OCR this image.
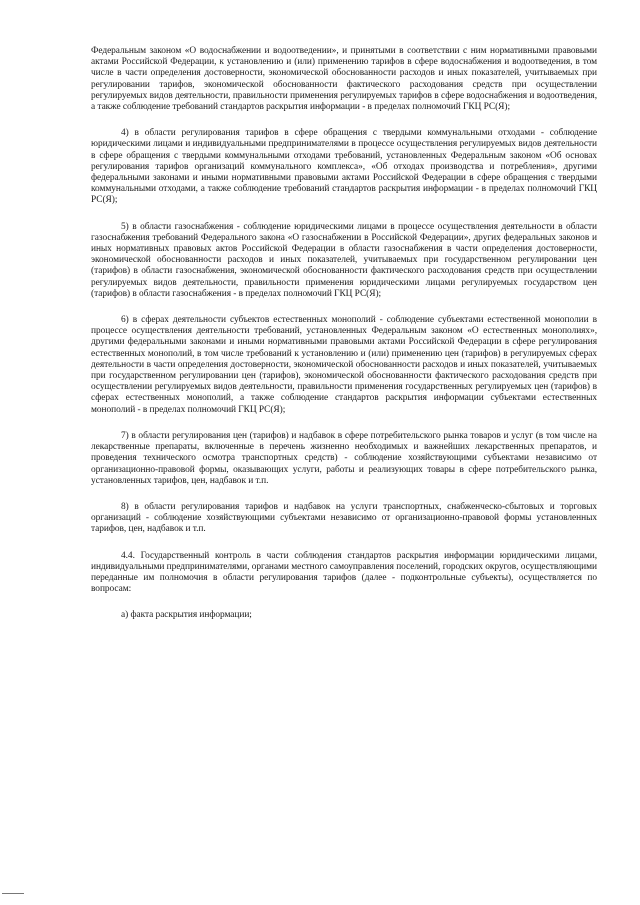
Федеральным законом «О водоснабжении и водоотведении», и принятыми в соответствии с ним нормативными правовыми актами Российской Федерации, к установлению и (или) применению тарифов в сфере водоснабжения и водоотведения, в том числе в части определения достоверности, экономической обоснованности расходов и иных показателей, учитываемых при регулировании тарифов, экономической обоснованности фактического расходования средств при осуществлении регулируемых видов деятельности, правильности применения регулируемых тарифов в сфере водоснабжения и водоотведения, а также соблюдение требований стандартов раскрытия информации - в пределах полномочий ГКЦ РС(Я);

4) в области регулирования тарифов в сфере обращения с твердыми коммунальными отходами - соблюдение юридическими лицами и индивидуальными предпринимателями в процессе осуществления регулируемых видов деятельности в сфере обращения с твердыми коммунальными отходами требований, установленных Федеральным законом «Об основах регулирования тарифов организаций коммунального комплекса», «Об отходах производства и потребления», другими федеральными законами и иными нормативными правовыми актами Российской Федерации в сфере обращения с твердыми коммунальными отходами, а также соблюдение требований стандартов раскрытия информации - в пределах полномочий ГКЦ РС(Я);

5) в области газоснабжения - соблюдение юридическими лицами в процессе осуществления деятельности в области газоснабжения требований Федерального закона «О газоснабжении в Российской Федерации», других федеральных законов и иных нормативных правовых актов Российской Федерации в области газоснабжения в части определения достоверности, экономической обоснованности расходов и иных показателей, учитываемых при государственном регулировании цен (тарифов) в области газоснабжения, экономической обоснованности фактического расходования средств при осуществлении регулируемых видов деятельности, правильности применения юридическими лицами регулируемых государством цен (тарифов) в области газоснабжения - в пределах полномочий ГКЦ РС(Я);

6) в сферах деятельности субъектов естественных монополий - соблюдение субъектами естественной монополии в процессе осуществления деятельности требований, установленных Федеральным законом «О естественных монополиях», другими федеральными законами и иными нормативными правовыми актами Российской Федерации в сфере регулирования естественных монополий, в том числе требований к установлению и (или) применению цен (тарифов) в регулируемых сферах деятельности в части определения достоверности, экономической обоснованности расходов и иных показателей, учитываемых при государственном регулировании цен (тарифов), экономической обоснованности фактического расходования средств при осуществлении регулируемых видов деятельности, правильности применения государственных регулируемых цен (тарифов) в сферах естественных монополий, а также соблюдение стандартов раскрытия информации субъектами естественных монополий - в пределах полномочий ГКЦ РС(Я);

7) в области регулирования цен (тарифов) и надбавок в сфере потребительского рынка товаров и услуг (в том числе на лекарственные препараты, включенные в перечень жизненно необходимых и важнейших лекарственных препаратов, и проведения технического осмотра транспортных средств) - соблюдение хозяйствующими субъектами независимо от организационно-правовой формы, оказывающих услуги, работы и реализующих товары в сфере потребительского рынка, установленных тарифов, цен, надбавок и т.п.

8) в области регулирования тарифов и надбавок на услуги транспортных, снабженческо-сбытовых и торговых организаций - соблюдение хозяйствующими субъектами независимо от организационно-правовой формы установленных тарифов, цен, надбавок и т.п.

4.4. Государственный контроль в части соблюдения стандартов раскрытия информации юридическими лицами, индивидуальными предпринимателями, органами местного самоуправления поселений, городских округов, осуществляющими переданные им полномочия в области регулирования тарифов (далее - подконтрольные субъекты), осуществляется по вопросам:

а) факта раскрытия информации;
